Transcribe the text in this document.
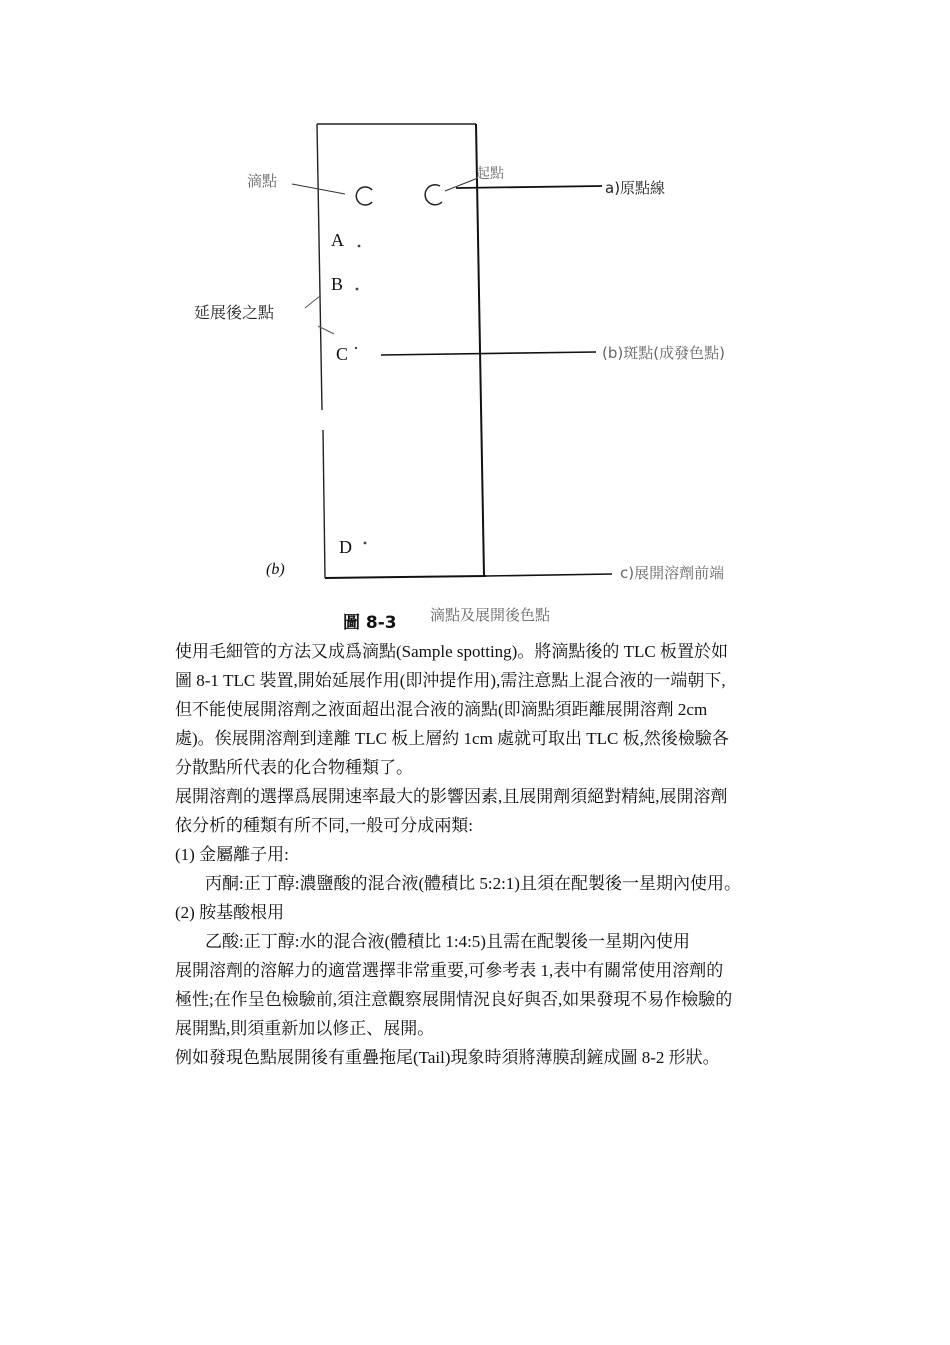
滴點	起點
a)原點線
延展後之點
(b)斑點(成發色點)
c)展開溶劑前端
A
B
C
D
(b)
圖 8-3 滴點及展開後色點

使用毛細管的方法又成爲滴點(Sample spotting)。將滴點後的 TLC 板置於如

圖 8-1 TLC 裝置,開始延展作用(即沖提作用),需注意點上混合液的一端朝下,

但不能使展開溶劑之液面超出混合液的滴點(即滴點須距離展開溶劑 2cm

處)。俟展開溶劑到達離 TLC 板上層約 1cm 處就可取出 TLC 板,然後檢驗各

分散點所代表的化合物種類了。

展開溶劑的選擇爲展開速率最大的影響因素,且展開劑須絕對精純,展開溶劑

依分析的種類有所不同,一般可分成兩類:

(1) 金屬離子用:

丙酮:正丁醇:濃鹽酸的混合液(體積比 5:2:1)且須在配製後一星期內使用。

(2) 胺基酸根用

乙酸:正丁醇:水的混合液(體積比 1:4:5)且需在配製後一星期內使用

展開溶劑的溶解力的適當選擇非常重要,可參考表 1,表中有關常使用溶劑的

極性;在作呈色檢驗前,須注意觀察展開情況良好與否,如果發現不易作檢驗的

展開點,則須重新加以修正、展開。

例如發現色點展開後有重疊拖尾(Tail)現象時須將薄膜刮鏟成圖 8-2 形狀。
